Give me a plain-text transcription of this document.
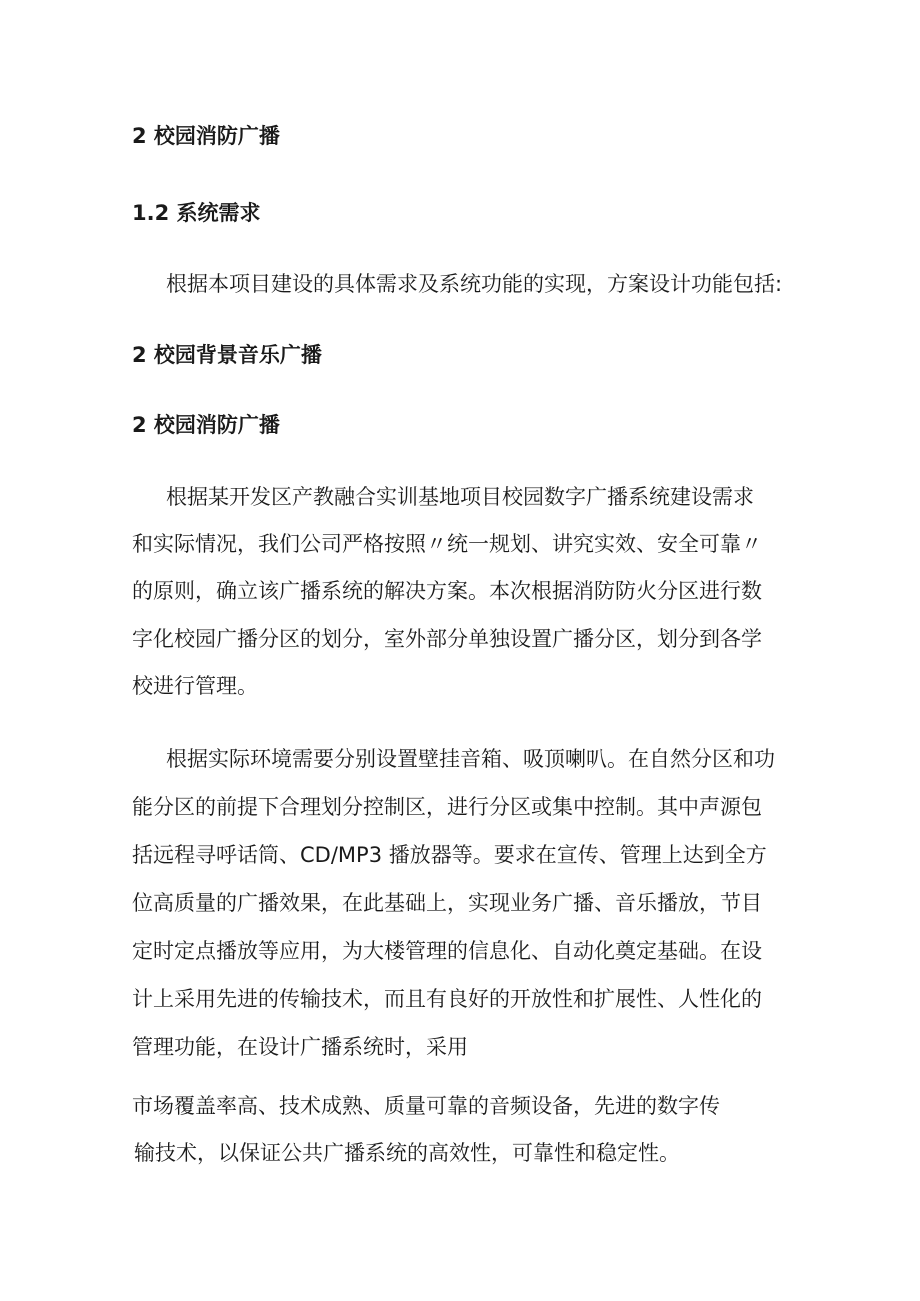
2 校园消防广播
1.2 系统需求
根据本项目建设的具体需求及系统功能的实现，方案设计功能包括:
2 校园背景音乐广播
2 校园消防广播
根据某开发区产教融合实训基地项目校园数字广播系统建设需求
和实际情况，我们公司严格按照〃统一规划、讲究实效、安全可靠〃
的原则，确立该广播系统的解决方案。本次根据消防防火分区进行数
字化校园广播分区的划分，室外部分单独设置广播分区，划分到各学
校进行管理。
根据实际环境需要分别设置壁挂音箱、吸顶喇叭。在自然分区和功
能分区的前提下合理划分控制区，进行分区或集中控制。其中声源包
括远程寻呼话筒、CD/MP3 播放器等。要求在宣传、管理上达到全方
位高质量的广播效果，在此基础上，实现业务广播、音乐播放，节目
定时定点播放等应用，为大楼管理的信息化、自动化奠定基础。在设
计上采用先进的传输技术，而且有良好的开放性和扩展性、人性化的
管理功能，在设计广播系统时，采用
市场覆盖率高、技术成熟、质量可靠的音频设备，先进的数字传
输技术，以保证公共广播系统的高效性，可靠性和稳定性。
